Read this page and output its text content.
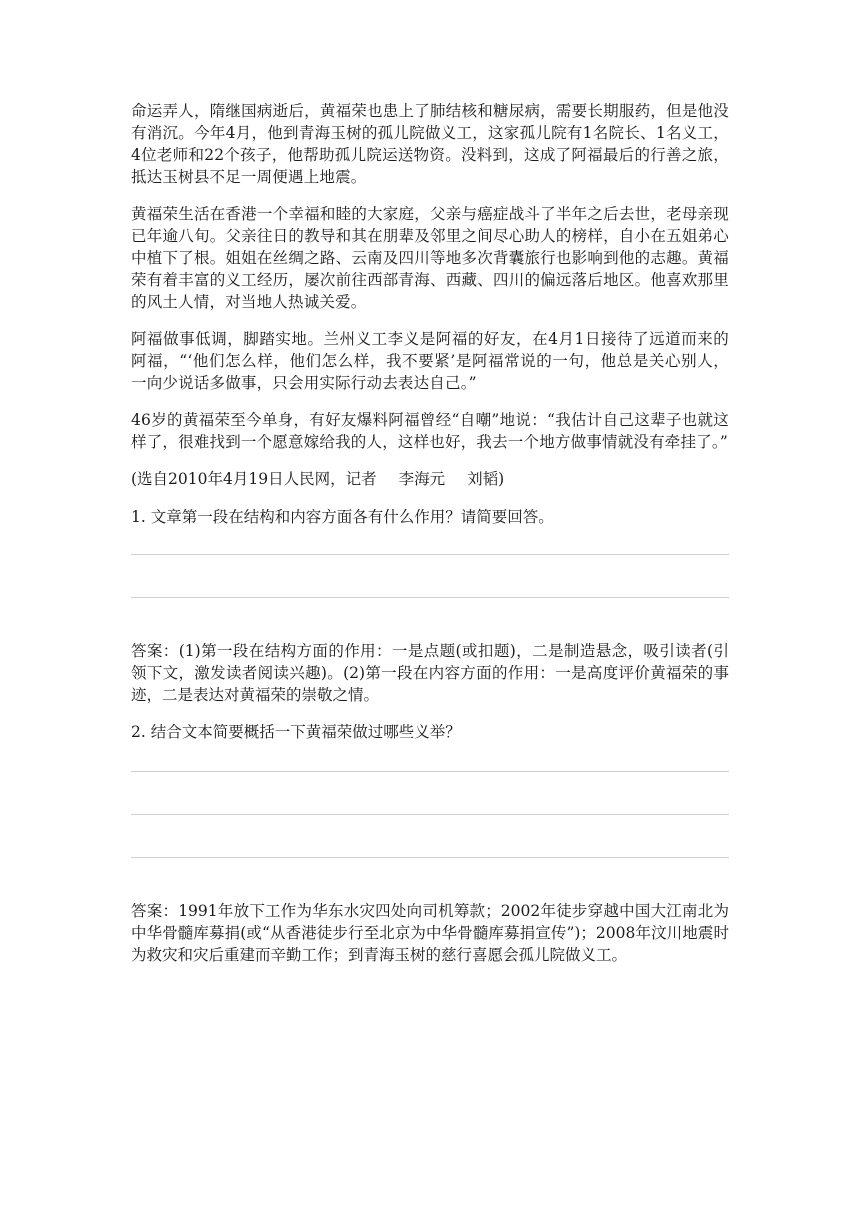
命运弄人，隋继国病逝后，黄福荣也患上了肺结核和糖尿病，需要长期服药，但是他没有消沉。今年4月，他到青海玉树的孤儿院做义工，这家孤儿院有1名院长、1名义工，4位老师和22个孩子，他帮助孤儿院运送物资。没料到，这成了阿福最后的行善之旅，抵达玉树县不足一周便遇上地震。

黄福荣生活在香港一个幸福和睦的大家庭，父亲与癌症战斗了半年之后去世，老母亲现已年逾八旬。父亲往日的教导和其在朋辈及邻里之间尽心助人的榜样，自小在五姐弟心中植下了根。姐姐在丝绸之路、云南及四川等地多次背囊旅行也影响到他的志趣。黄福荣有着丰富的义工经历，屡次前往西部青海、西藏、四川的偏远落后地区。他喜欢那里的风土人情，对当地人热诚关爱。

阿福做事低调，脚踏实地。兰州义工李义是阿福的好友，在4月1日接待了远道而来的阿福，“‘他们怎么样，他们怎么样，我不要紧’是阿福常说的一句，他总是关心别人，一向少说话多做事，只会用实际行动去表达自己。”

46岁的黄福荣至今单身，有好友爆料阿福曾经“自嘲”地说：“我估计自己这辈子也就这样了，很难找到一个愿意嫁给我的人，这样也好，我去一个地方做事情就没有牵挂了。”

(选自2010年4月19日人民网，记者 李海元 刘韬)

1. 文章第一段在结构和内容方面各有什么作用？请简要回答。

答案：(1)第一段在结构方面的作用：一是点题(或扣题)，二是制造悬念，吸引读者(引领下文，激发读者阅读兴趣)。(2)第一段在内容方面的作用：一是高度评价黄福荣的事迹，二是表达对黄福荣的崇敬之情。

2. 结合文本简要概括一下黄福荣做过哪些义举？

答案：1991年放下工作为华东水灾四处向司机筹款；2002年徒步穿越中国大江南北为中华骨髓库募捐(或“从香港徒步行至北京为中华骨髓库募捐宣传”)；2008年汶川地震时为救灾和灾后重建而辛勤工作；到青海玉树的慈行喜愿会孤儿院做义工。
